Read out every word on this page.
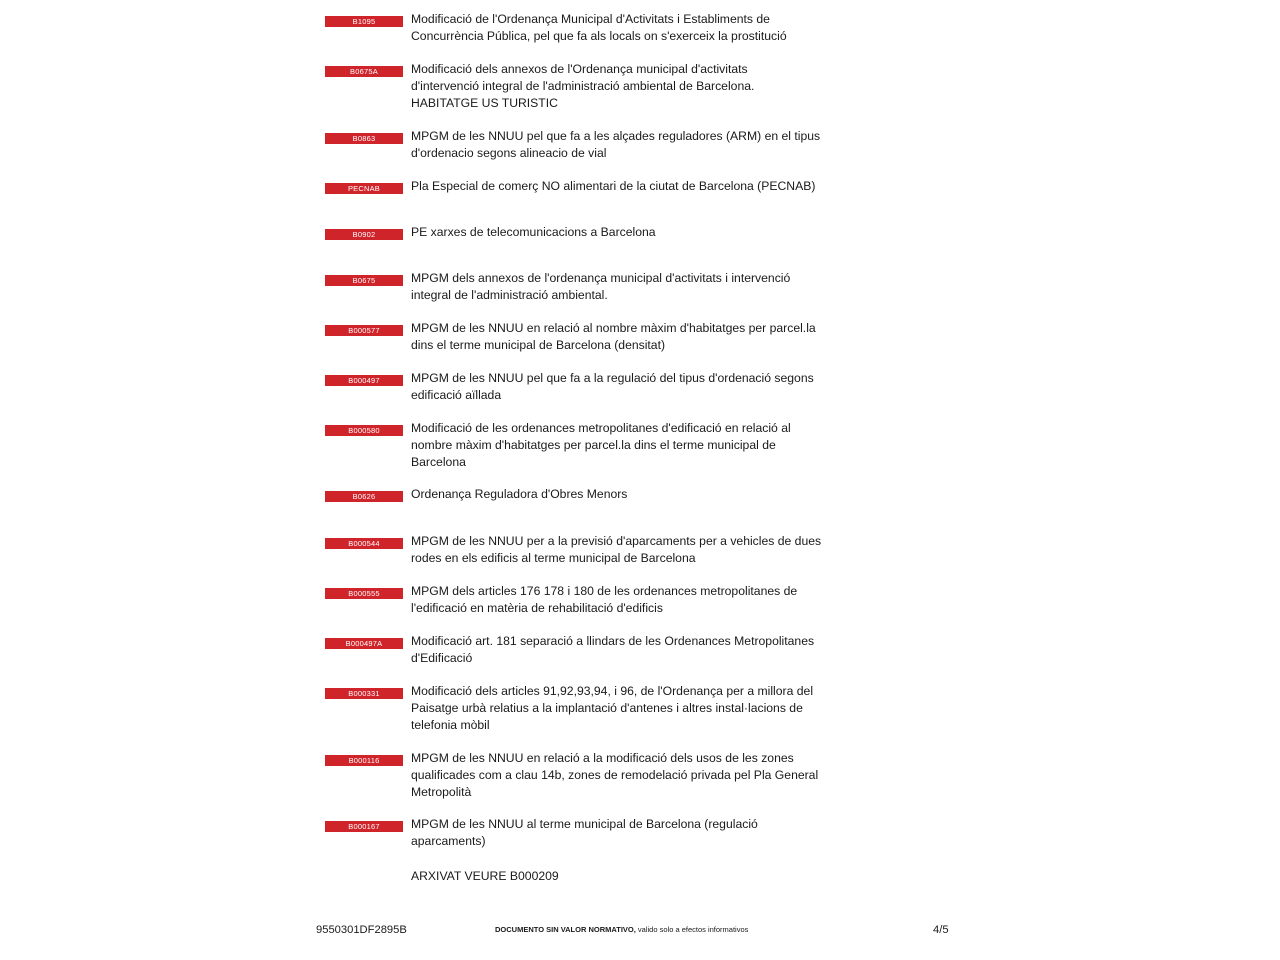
B1095	Modificació de l'Ordenança Municipal d'Activitats i Establiments de
Concurrència Pública, pel que fa als locals on s'exerceix la prostitució
B0675A	Modificació dels annexos de l'Ordenança municipal d'activitats
d'intervenció integral de l'administració ambiental de Barcelona.
HABITATGE US TURISTIC
B0863	MPGM de les NNUU pel que fa a les alçades reguladores (ARM) en el tipus
d'ordenacio segons alineacio de vial
PECNAB	Pla Especial de comerç NO alimentari de la ciutat de Barcelona (PECNAB)
B0902	PE xarxes de telecomunicacions a Barcelona
B0675	MPGM dels annexos de l'ordenança municipal d'activitats i intervenció
integral de l'administració ambiental.
B000577	MPGM de les NNUU en relació al nombre màxim d'habitatges per parcel.la
dins el terme municipal de Barcelona (densitat)
B000497	MPGM de les NNUU pel que fa a la regulació del tipus d'ordenació segons
edificació aïllada
B000580	Modificació de les ordenances metropolitanes d'edificació en relació al
nombre màxim d'habitatges per parcel.la dins el terme municipal de
Barcelona
B0626	Ordenança Reguladora d'Obres Menors
B000544	MPGM de les NNUU per a la previsió d'aparcaments per a vehicles de dues
rodes en els edificis al terme municipal de Barcelona
B000555	MPGM dels articles 176 178 i 180 de les ordenances metropolitanes de
l'edificació en matèria de rehabilitació d'edificis
B000497A	Modificació art. 181 separació a llindars de les Ordenances Metropolitanes
d'Edificació
B000331	Modificació dels articles 91,92,93,94, i 96, de l'Ordenança per a millora del
Paisatge urbà relatius a la implantació d'antenes i altres instal·lacions de
telefonia mòbil
B000116	MPGM de les NNUU en relació a la modificació dels usos de les zones
qualificades com a clau 14b, zones de remodelació privada pel Pla General
Metropolità
B000167	MPGM de les NNUU al terme municipal de Barcelona (regulació
aparcaments)
ARXIVAT VEURE B000209
9550301DF2895B	DOCUMENTO SIN VALOR NORMATIVO, valido solo a efectos informativos	4/5
